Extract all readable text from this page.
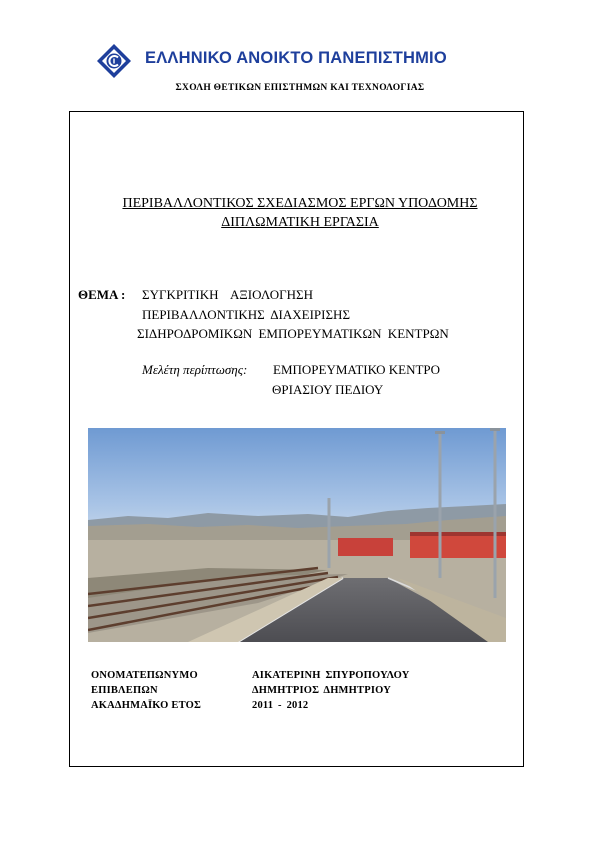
ΕΛΛΗΝΙΚΟ ΑΝΟΙΚΤΟ ΠΑΝΕΠΙΣΤΗΜΙΟ
ΣΧΟΛΗ ΘΕΤΙΚΩΝ ΕΠΙΣΤΗΜΩΝ ΚΑΙ ΤΕΧΝΟΛΟΓΙΑΣ
ΠΕΡΙΒΑΛΛΟΝΤΙΚΟΣ ΣΧΕΔΙΑΣΜΟΣ ΕΡΓΩΝ ΥΠΟΔΟΜΗΣ
ΔΙΠΛΩΜΑΤΙΚΗ ΕΡΓΑΣΙΑ
ΘΕΜΑ : ΣΥΓΚΡΙΤΙΚΗ ΑΞΙΟΛΟΓΗΣΗ
ΠΕΡΙΒΑΛΛΟΝΤΙΚΗΣ ΔΙΑΧΕΙΡΙΣΗΣ
ΣΙΔΗΡΟΔΡΟΜΙΚΩΝ ΕΜΠΟΡΕΥΜΑΤΙΚΩΝ ΚΕΝΤΡΩΝ
Μελέτη περίπτωσης: ΕΜΠΟΡΕΥΜΑΤΙΚΟ ΚΕΝΤΡΟ
ΘΡΙΑΣΙΟΥ ΠΕΔΙΟΥ
ΟΝΟΜΑΤΕΠΩΝΥΜΟ	ΑΙΚΑΤΕΡΙΝΗ ΣΠΥΡΟΠΟΥΛΟΥ
ΕΠΙΒΛΕΠΩΝ	ΔΗΜΗΤΡΙΟΣ ΔΗΜΗΤΡΙΟΥ
ΑΚΑΔΗΜΑΪΚΟ ΕΤΟΣ	2011 - 2012
